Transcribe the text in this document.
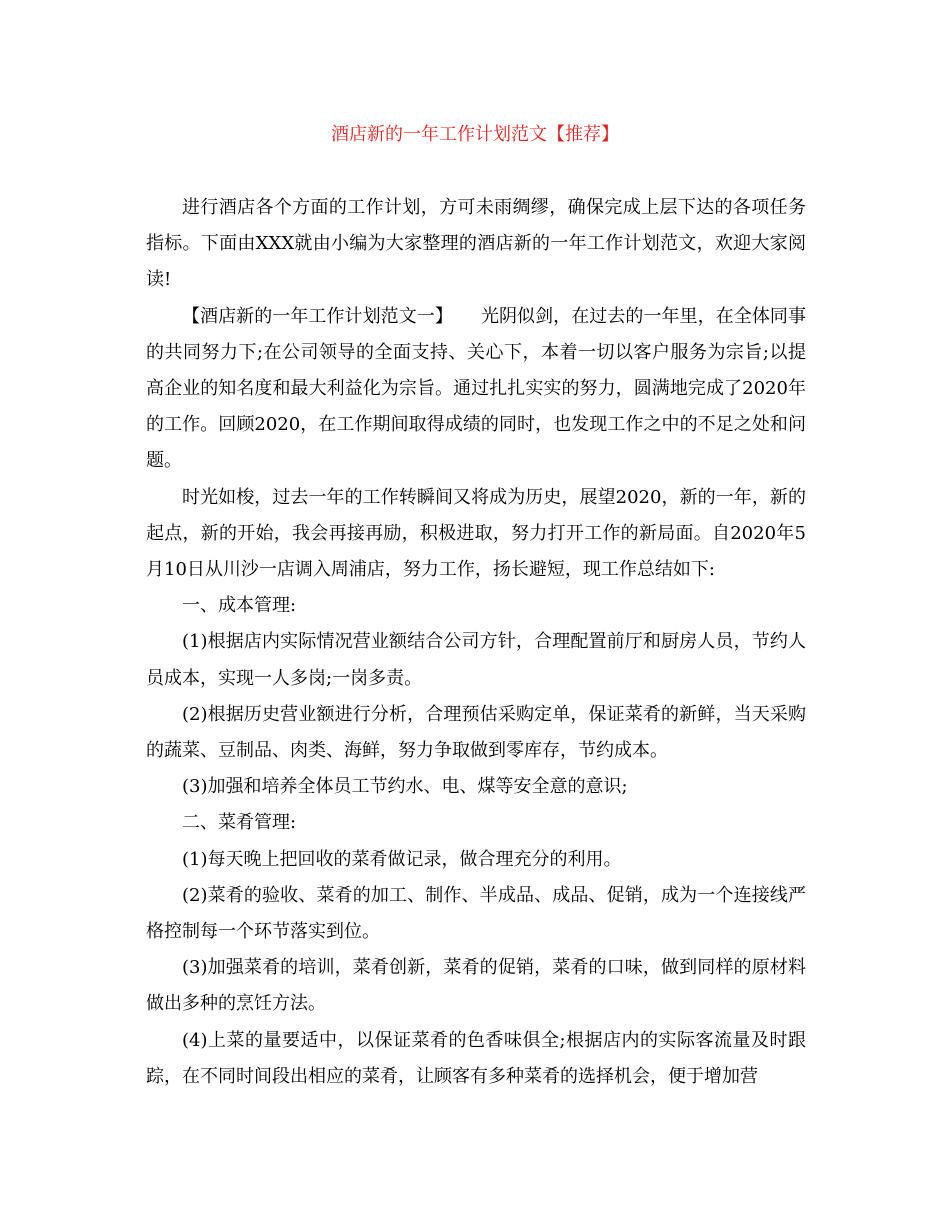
酒店新的一年工作计划范文【推荐】

进行酒店各个方面的工作计划，方可未雨绸缪，确保完成上层下达的各项任务指标。下面由XXX就由小编为大家整理的酒店新的一年工作计划范文，欢迎大家阅读!

【酒店新的一年工作计划范文一】 光阴似剑，在过去的一年里，在全体同事的共同努力下;在公司领导的全面支持、关心下，本着一切以客户服务为宗旨;以提高企业的知名度和最大利益化为宗旨。通过扎扎实实的努力，圆满地完成了2020年的工作。回顾2020，在工作期间取得成绩的同时，也发现工作之中的不足之处和问题。

时光如梭，过去一年的工作转瞬间又将成为历史，展望2020，新的一年，新的起点，新的开始，我会再接再励，积极进取，努力打开工作的新局面。自2020年5月10日从川沙一店调入周浦店，努力工作，扬长避短，现工作总结如下:

一、成本管理:

(1)根据店内实际情况营业额结合公司方针，合理配置前厅和厨房人员，节约人员成本，实现一人多岗;一岗多责。

(2)根据历史营业额进行分析，合理预估采购定单，保证菜肴的新鲜，当天采购的蔬菜、豆制品、肉类、海鲜，努力争取做到零库存，节约成本。

(3)加强和培养全体员工节约水、电、煤等安全意的意识;

二、菜肴管理:

(1)每天晚上把回收的菜肴做记录，做合理充分的利用。

(2)菜肴的验收、菜肴的加工、制作、半成品、成品、促销，成为一个连接线严格控制每一个环节落实到位。

(3)加强菜肴的培训，菜肴创新，菜肴的促销，菜肴的口味，做到同样的原材料做出多种的烹饪方法。

(4)上菜的量要适中，以保证菜肴的色香味俱全;根据店内的实际客流量及时跟踪，在不同时间段出相应的菜肴，让顾客有多种菜肴的选择机会，便于增加营
